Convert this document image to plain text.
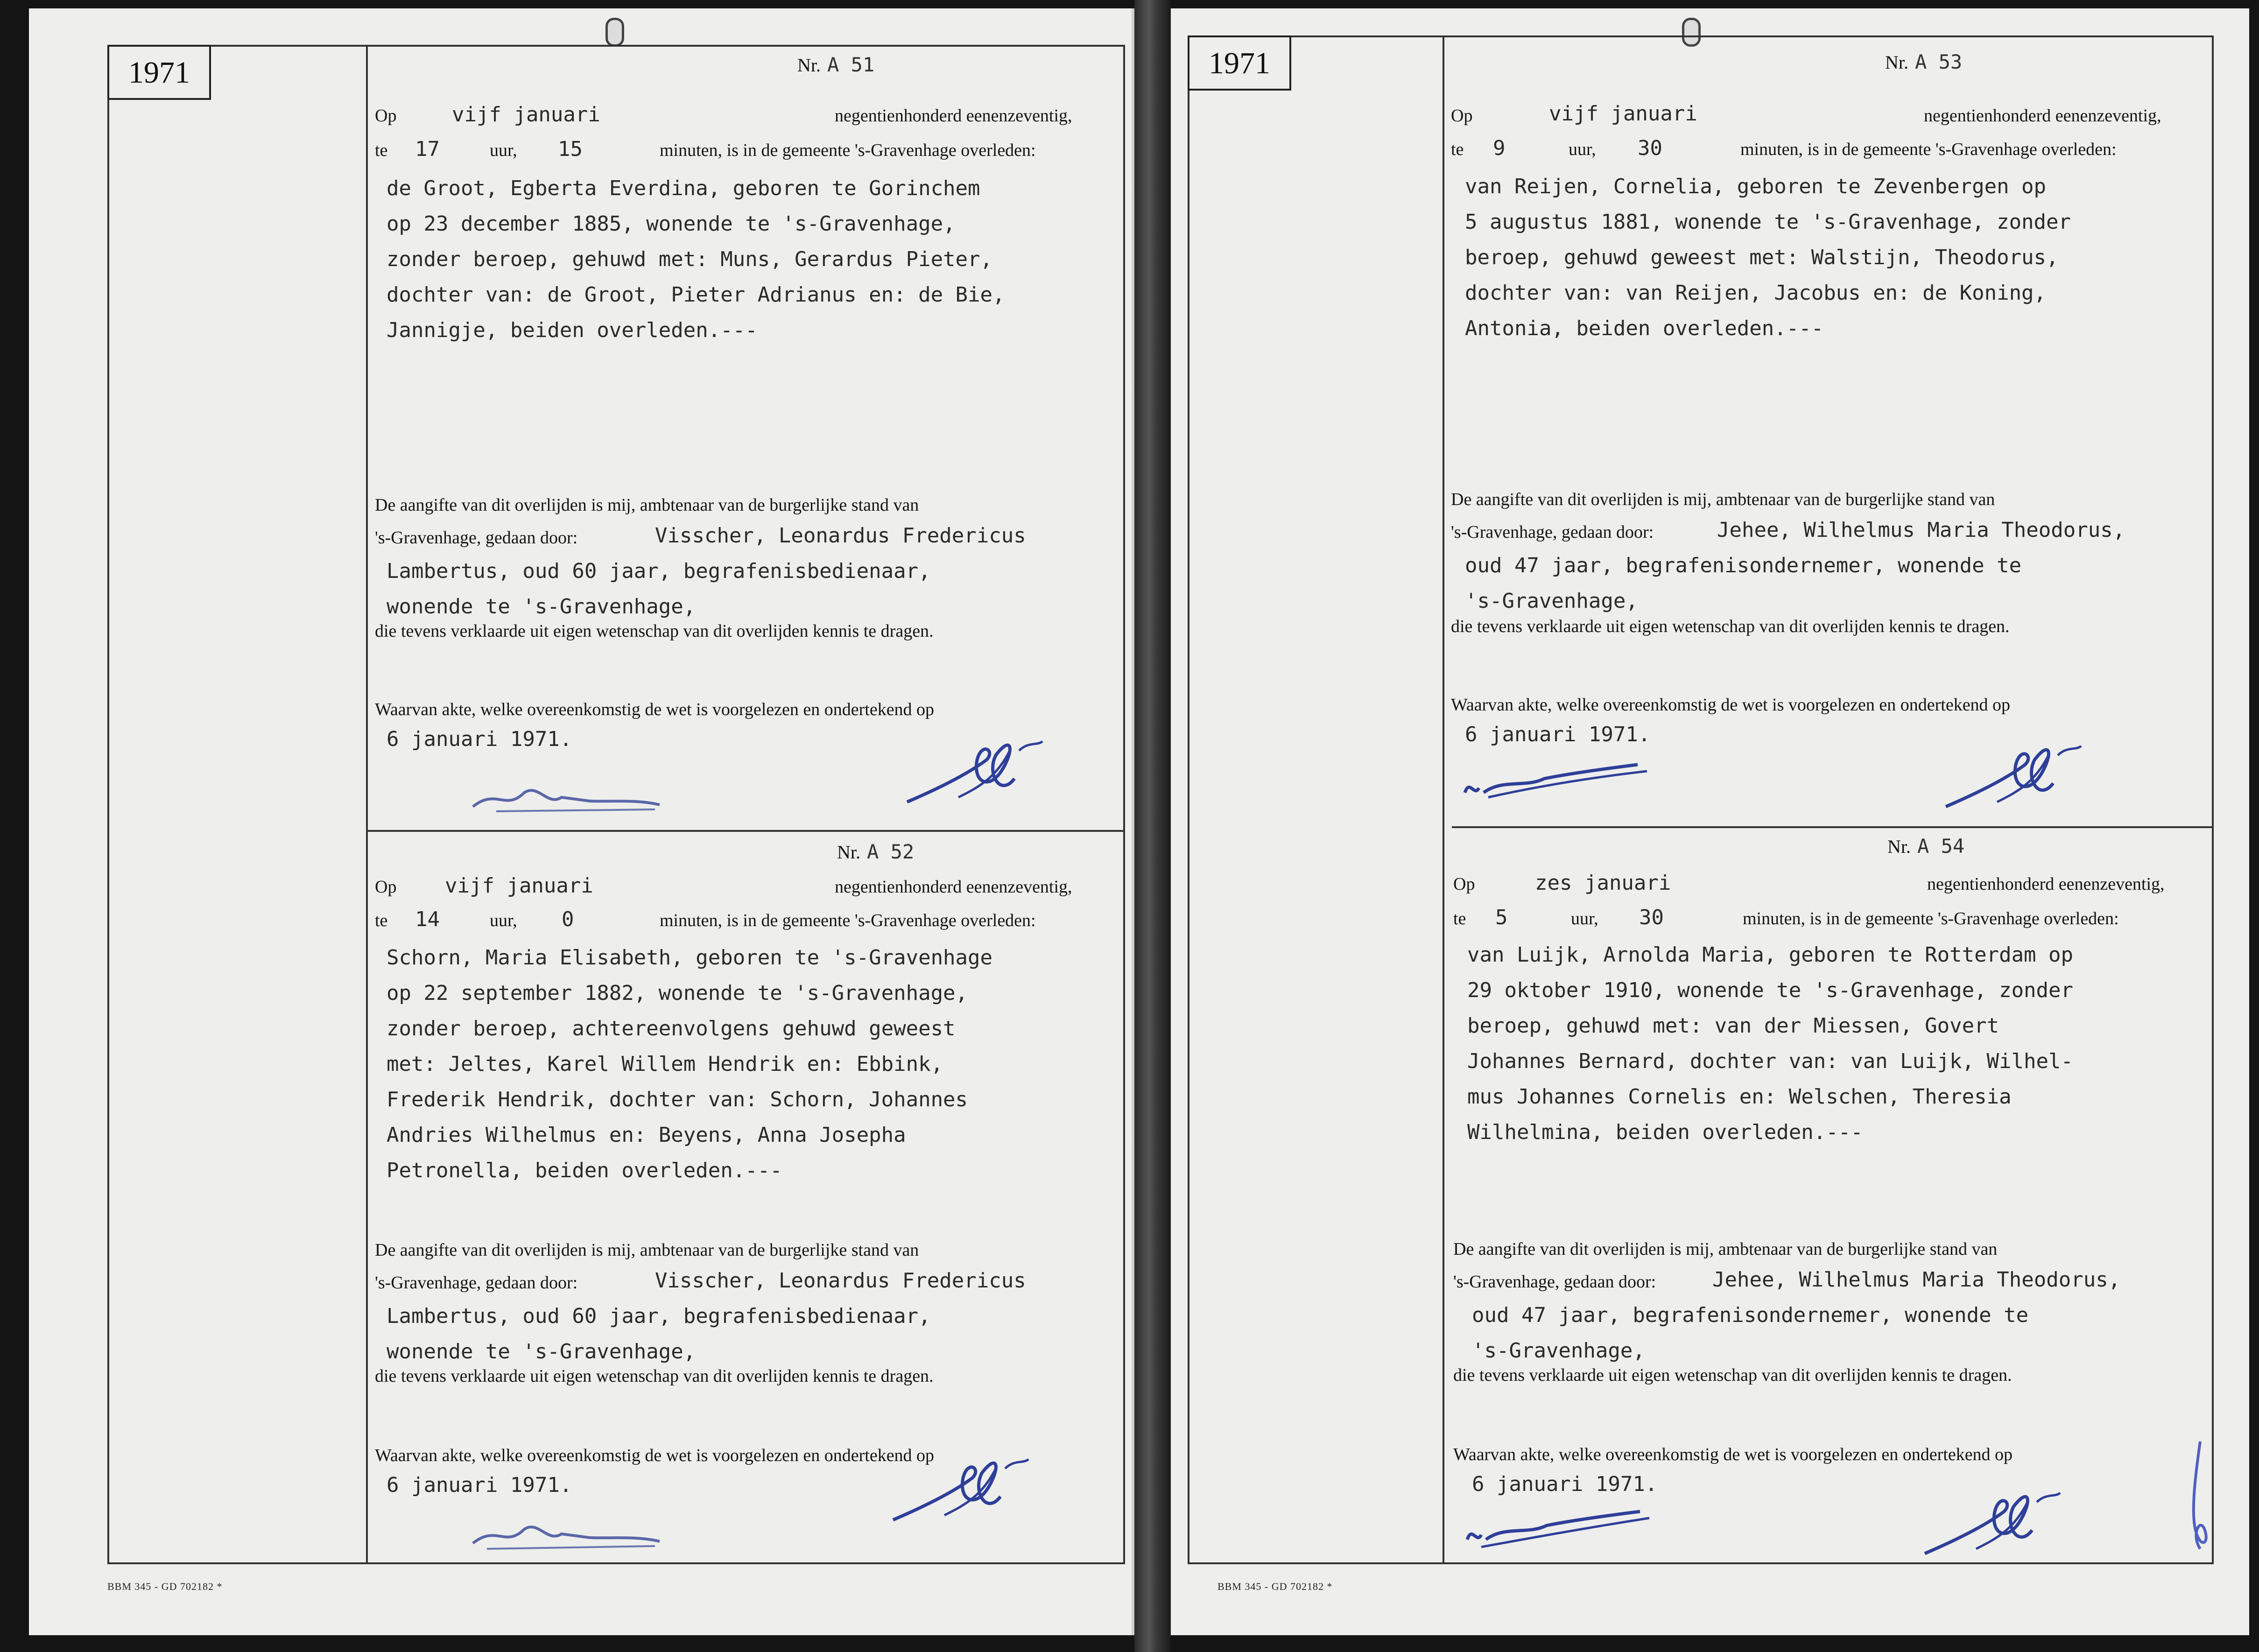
1971
BBM 345 - GD 702182 *
Nr. A 51
Op	vijf januari	negentienhonderd eenenzeventig,
te 17	uur, 15	minuten, is in de gemeente 's-Gravenhage overleden:
de Groot, Egberta Everdina, geboren te Gorinchem
op 23 december 1885, wonende te 's-Gravenhage,
zonder beroep, gehuwd met: Muns, Gerardus Pieter,
dochter van: de Groot, Pieter Adrianus en: de Bie,
Jannigje, beiden overleden.---
De aangifte van dit overlijden is mij, ambtenaar van de burgerlijke stand van
's-Gravenhage, gedaan door:	Visscher, Leonardus Fredericus
Lambertus, oud 60 jaar, begrafenisbedienaar,
wonende te 's-Gravenhage,
die tevens verklaarde uit eigen wetenschap van dit overlijden kennis te dragen.
Waarvan akte, welke overeenkomstig de wet is voorgelezen en ondertekend op
6 januari 1971.
Nr. A 52
Op vijf januari	negentienhonderd eenenzeventig,
te 14	uur, 0	minuten, is in de gemeente 's-Gravenhage overleden:
Schorn, Maria Elisabeth, geboren te 's-Gravenhage
op 22 september 1882, wonende te 's-Gravenhage,
zonder beroep, achtereenvolgens gehuwd geweest
met: Jeltes, Karel Willem Hendrik en: Ebbink,
Frederik Hendrik, dochter van: Schorn, Johannes
Andries Wilhelmus en: Beyens, Anna Josepha
Petronella, beiden overleden.---
De aangifte van dit overlijden is mij, ambtenaar van de burgerlijke stand van
's-Gravenhage, gedaan door:	Visscher, Leonardus Fredericus
Lambertus, oud 60 jaar, begrafenisbedienaar,
wonende te 's-Gravenhage,
die tevens verklaarde uit eigen wetenschap van dit overlijden kennis te dragen.
Waarvan akte, welke overeenkomstig de wet is voorgelezen en ondertekend op
6 januari 1971.
1971
BBM 345 - GD 702182 *
Nr. A 53
Op	vijf januari	negentienhonderd eenenzeventig,
te 9	uur, 30	minuten, is in de gemeente 's-Gravenhage overleden:
van Reijen, Cornelia, geboren te Zevenbergen op
5 augustus 1881, wonende te 's-Gravenhage, zonder
beroep, gehuwd geweest met: Walstijn, Theodorus,
dochter van: van Reijen, Jacobus en: de Koning,
Antonia, beiden overleden.---
De aangifte van dit overlijden is mij, ambtenaar van de burgerlijke stand van
's-Gravenhage, gedaan door:	Jehee, Wilhelmus Maria Theodorus,
oud 47 jaar, begrafenisondernemer, wonende te
's-Gravenhage,
die tevens verklaarde uit eigen wetenschap van dit overlijden kennis te dragen.
Waarvan akte, welke overeenkomstig de wet is voorgelezen en ondertekend op
6 januari 1971.
Nr. A 54
Op	zes januari	negentienhonderd eenenzeventig,
te 5	uur, 30	minuten, is in de gemeente 's-Gravenhage overleden:
van Luijk, Arnolda Maria, geboren te Rotterdam op
29 oktober 1910, wonende te 's-Gravenhage, zonder
beroep, gehuwd met: van der Miessen, Govert
Johannes Bernard, dochter van: van Luijk, Wilhel-
mus Johannes Cornelis en: Welschen, Theresia
Wilhelmina, beiden overleden.---
De aangifte van dit overlijden is mij, ambtenaar van de burgerlijke stand van
's-Gravenhage, gedaan door:	Jehee, Wilhelmus Maria Theodorus,
oud 47 jaar, begrafenisondernemer, wonende te
's-Gravenhage,
die tevens verklaarde uit eigen wetenschap van dit overlijden kennis te dragen.
Waarvan akte, welke overeenkomstig de wet is voorgelezen en ondertekend op
6 januari 1971.
